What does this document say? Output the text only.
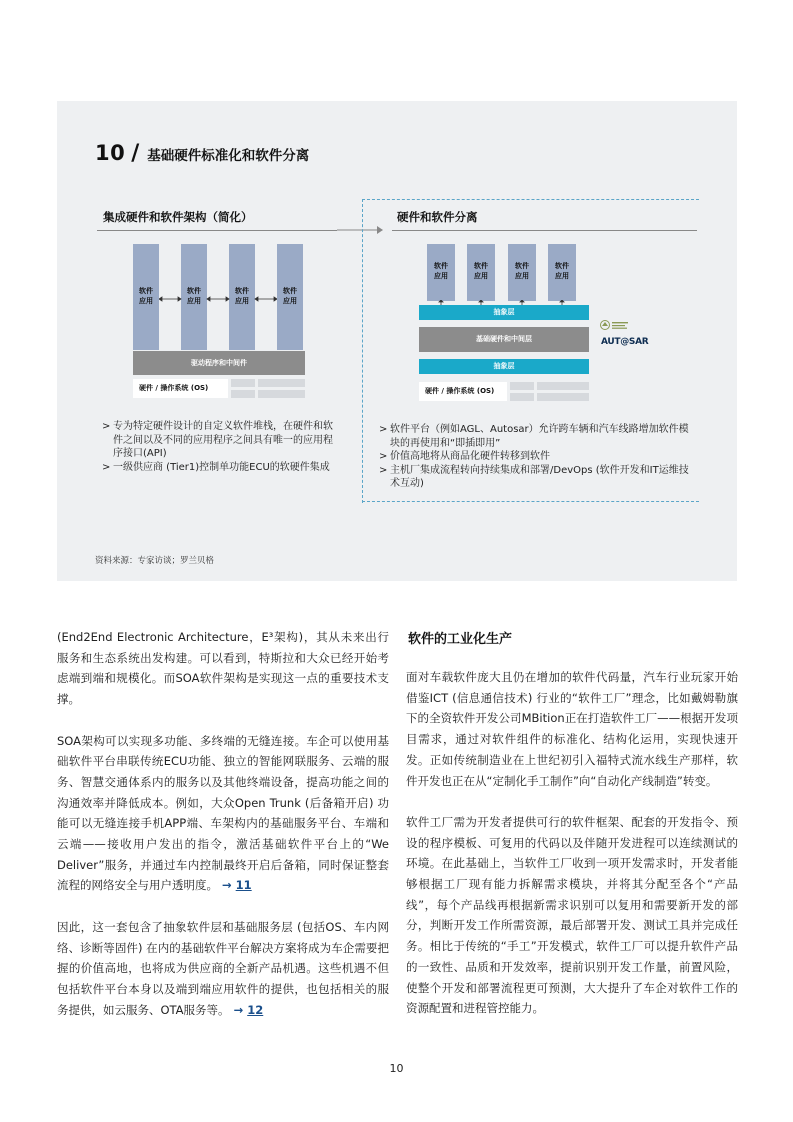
10 / 基础硬件标准化和软件分离
集成硬件和软件架构（简化）
软件
应用
软件
应用
软件
应用
软件
应用
驱动程序和中间件
硬件 / 操作系统 (OS)
> 专为特定硬件设计的自定义软件堆栈，在硬件和软件之间以及不同的应用程序之间具有唯一的应用程序接口(API)
> 一级供应商 (Tier1)控制单功能ECU的软硬件集成
硬件和软件分离
软件
应用
软件
应用
软件
应用
软件
应用
抽象层
基础硬件和中间层
抽象层
硬件 / 操作系统 (OS)
AUT@SAR
> 软件平台（例如AGL、Autosar）允许跨车辆和汽车线路增加软件模块的再使用和“即插即用”
> 价值高地将从商品化硬件转移到软件
> 主机厂集成流程转向持续集成和部署/DevOps (软件开发和IT运维技术互动)
资料来源：专家访谈；罗兰贝格

(End2End Electronic Architecture，E³架构)，其从未来出行服务和生态系统出发构建。可以看到，特斯拉和大众已经开始考虑端到端和规模化。而SOA软件架构是实现这一点的重要技术支撑。

SOA架构可以实现多功能、多终端的无缝连接。车企可以使用基础软件平台串联传统ECU功能、独立的智能网联服务、云端的服务、智慧交通体系内的服务以及其他终端设备，提高功能之间的沟通效率并降低成本。例如，大众Open Trunk (后备箱开启) 功能可以无缝连接手机APP端、车架构内的基础服务平台、车端和云端——接收用户发出的指令，激活基础软件平台上的“We Deliver”服务，并通过车内控制最终开启后备箱，同时保证整套流程的网络安全与用户透明度。 → 11

因此，这一套包含了抽象软件层和基础服务层 (包括OS、车内网络、诊断等固件) 在内的基础软件平台解决方案将成为车企需要把握的价值高地，也将成为供应商的全新产品机遇。这些机遇不但包括软件平台本身以及端到端应用软件的提供，也包括相关的服务提供，如云服务、OTA服务等。 → 12

软件的工业化生产

面对车载软件庞大且仍在增加的软件代码量，汽车行业玩家开始借鉴ICT (信息通信技术) 行业的“软件工厂”理念，比如戴姆勒旗下的全资软件开发公司MBition正在打造软件工厂——根据开发项目需求，通过对软件组件的标准化、结构化运用，实现快速开发。正如传统制造业在上世纪初引入福特式流水线生产那样，软件开发也正在从“定制化手工制作”向“自动化产线制造”转变。

软件工厂需为开发者提供可行的软件框架、配套的开发指令、预设的程序模板、可复用的代码以及伴随开发进程可以连续测试的环境。在此基础上，当软件工厂收到一项开发需求时，开发者能够根据工厂现有能力拆解需求模块，并将其分配至各个“产品线”，每个产品线再根据新需求识别可以复用和需要新开发的部分，判断开发工作所需资源，最后部署开发、测试工具并完成任务。相比于传统的“手工”开发模式，软件工厂可以提升软件产品的一致性、品质和开发效率，提前识别开发工作量，前置风险，使整个开发和部署流程更可预测，大大提升了车企对软件工作的资源配置和进程管控能力。

10
